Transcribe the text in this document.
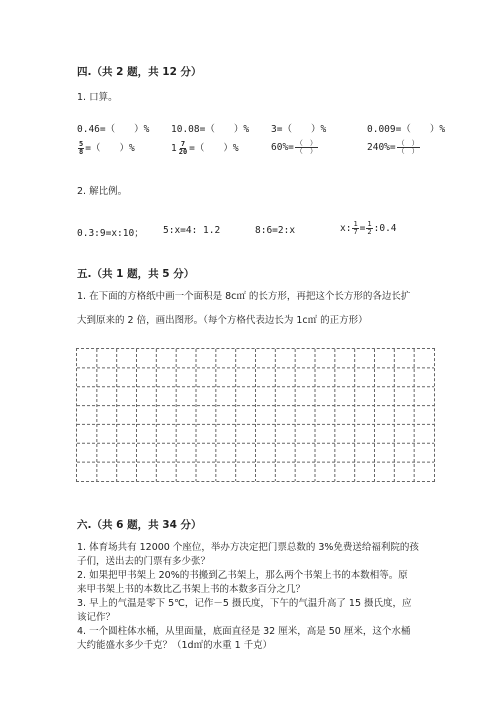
四.（共 2 题，共 12 分）
1. 口算。
0.46=（　　）% 10.08=（　　）% 3=（　　）%	0.009=（　　）%
$\frac{5}{8}$ =（　　）%	$1 \frac{7}{20}$ =（　　）%	$60\%= \frac{( )}{( )}$	$240\%= \frac{( )}{( )}$
2. 解比例。
0.3:9=x:10； 5:x=4: 1.2	8:6=2:x	x: $\frac{1}{7} = \frac{1}{2}$ :0.4
五.（共 1 题，共 5 分）
1. 在下面的方格纸中画一个面积是 8c㎡ 的长方形，再把这个长方形的各边长扩
大到原来的 2 倍，画出图形。（每个方格代表边长为 1c㎡ 的正方形）
六.（共 6 题，共 34 分）
1. 体育场共有 12000 个座位，举办方决定把门票总数的 3%免费送给福利院的孩
子们，送出去的门票有多少张？
2. 如果把甲书架上 20%的书搬到乙书架上，那么两个书架上书的本数相等。原
来甲书架上书的本数比乙书架上书的本数多百分之几？
3. 早上的气温是零下 5℃，记作－5 摄氏度，下午的气温升高了 15 摄氏度，应
该记作？
4. 一个圆柱体水桶，从里面量，底面直径是 32 厘米，高是 50 厘米，这个水桶
大约能盛水多少千克？（1d㎡的水重 1 千克）
